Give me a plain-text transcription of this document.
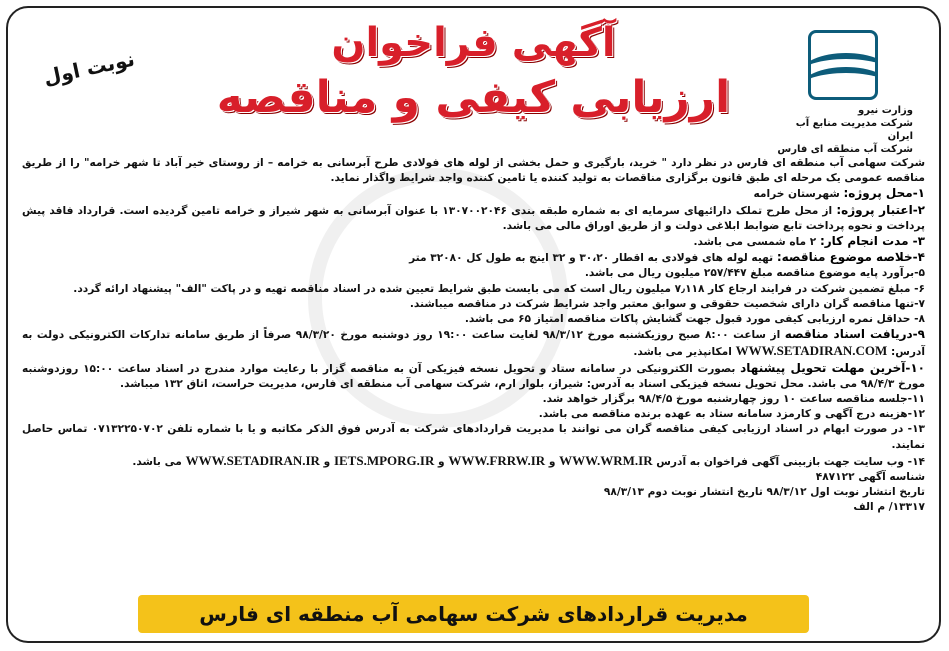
آگهی فراخوان
ارزیابی کیفی و مناقصه
نوبت اول
وزارت نیرو
شرکت مدیریت منابع آب ایران
شرکت آب منطقه ای فارس

شرکت سهامی آب منطقه ای فارس در نظر دارد " خرید، بارگیری و حمل بخشی از لوله های فولادی طرح آبرسانی به خرامه – از روستای خیر آباد تا شهر خرامه" را از طریق مناقصه عمومی یک مرحله ای طبق قانون برگزاری مناقصات به تولید کننده یا تامین کننده واجد شرایط واگذار نماید.

۱-محل پروژه: شهرستان خرامه

۲-اعتبار پروژه: از محل طرح تملک دارائیهای سرمایه ای به شماره طبقه بندی ۱۳۰۷۰۰۲۰۴۶ با عنوان آبرسانی به شهر شیراز و خرامه تامین گردیده است. قرارداد فاقد پیش پرداخت و نحوه پرداخت تابع ضوابط ابلاغی دولت و از طریق اوراق مالی می باشد.

۳- مدت انجام کار: ۲ ماه شمسی می باشد.

۴-خلاصه موضوع مناقصه: تهیه لوله های فولادی به اقطار ۳۰،۲۰ و ۳۲ اینچ به طول کل ۳۲۰۸۰ متر

۵-برآورد پایه موضوع مناقصه مبلغ ۲۵۷/۴۴۷ میلیون ریال می باشد.

۶- مبلغ تضمین شرکت در فرایند ارجاع کار ۷٫۱۱۸ میلیون ریال است که می بایست طبق شرایط تعیین شده در اسناد مناقصه تهیه و در پاکت "الف" پیشنهاد ارائه گردد.

۷-تنها مناقصه گران دارای شخصیت حقوقی و سوابق معتبر واجد شرایط شرکت در مناقصه میباشند.

۸- حداقل نمره ارزیابی کیفی مورد قبول جهت گشایش پاکات مناقصه امتیاز ۶۵ می باشد.

۹-دریافت اسناد مناقصه از ساعت ۸:۰۰ صبح روزیکشنبه مورخ ۹۸/۳/۱۲ لغایت ساعت ۱۹:۰۰ روز دوشنبه مورخ ۹۸/۳/۲۰ صرفاً از طریق سامانه تدارکات الکترونیکی دولت به آدرس: WWW.SETADIRAN.COM امکانپذیر می باشد.

۱۰-آخرین مهلت تحویل پیشنهاد بصورت الکترونیکی در سامانه ستاد و تحویل نسخه فیزیکی آن به مناقصه گزار با رعایت موارد مندرج در اسناد ساعت ۱۵:۰۰ روزدوشنبه مورخ ۹۸/۴/۳ می باشد. محل تحویل نسخه فیزیکی اسناد به آدرس: شیراز، بلوار ارم، شرکت سهامی آب منطقه ای فارس، مدیریت حراست، اتاق ۱۳۲ میباشد.

۱۱-جلسه مناقصه ساعت ۱۰ روز چهارشنبه مورخ ۹۸/۴/۵ برگزار خواهد شد.

۱۲-هزینه درج آگهی و کارمزد سامانه ستاد به عهده برنده مناقصه می باشد.

۱۳- در صورت ابهام در اسناد ارزیابی کیفی مناقصه گران می توانند با مدیریت قراردادهای شرکت به آدرس فوق الذکر مکاتبه و یا با شماره تلفن ۰۷۱۳۲۲۵۰۷۰۲ تماس حاصل نمایند.

۱۴- وب سایت جهت بازبینی آگهی فراخوان به آدرس WWW.WRM.IR و WWW.FRRW.IR و IETS.MPORG.IR و WWW.SETADIRAN.IR می باشد.

شناسه آگهی ۴۸۷۱۲۲

تاریخ انتشار نوبت اول ۹۸/۳/۱۲ تاریخ انتشار نوبت دوم ۹۸/۳/۱۳

۱۳۳۱۷/ م الف

مدیریت قراردادهای شرکت سهامی آب منطقه ای فارس
